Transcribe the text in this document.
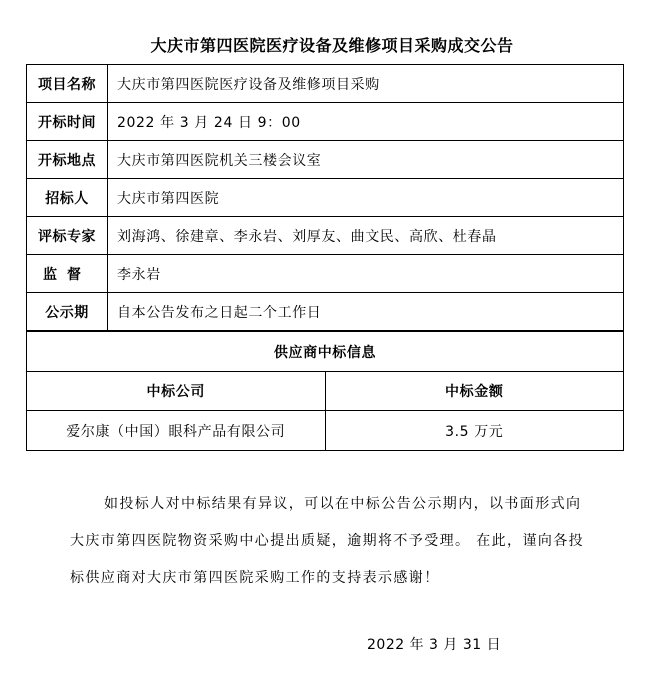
大庆市第四医院医疗设备及维修项目采购成交公告
项目名称	大庆市第四医院医疗设备及维修项目采购
开标时间	2022 年 3 月 24 日 9：00
开标地点	大庆市第四医院机关三楼会议室
招标人	大庆市第四医院
评标专家	刘海鸿、徐建章、李永岩、刘厚友、曲文民、高欣、杜春晶
监督	李永岩
公示期	自本公告发布之日起二个工作日
供应商中标信息	
中标公司	中标金额
爱尔康（中国）眼科产品有限公司	3.5 万元
如投标人对中标结果有异议，可以在中标公告公示期内，以书面形式向大庆市第四医院物资采购中心提出质疑，逾期将不予受理。 在此，谨向各投标供应商对大庆市第四医院采购工作的支持表示感谢！
2022 年 3 月 31 日
